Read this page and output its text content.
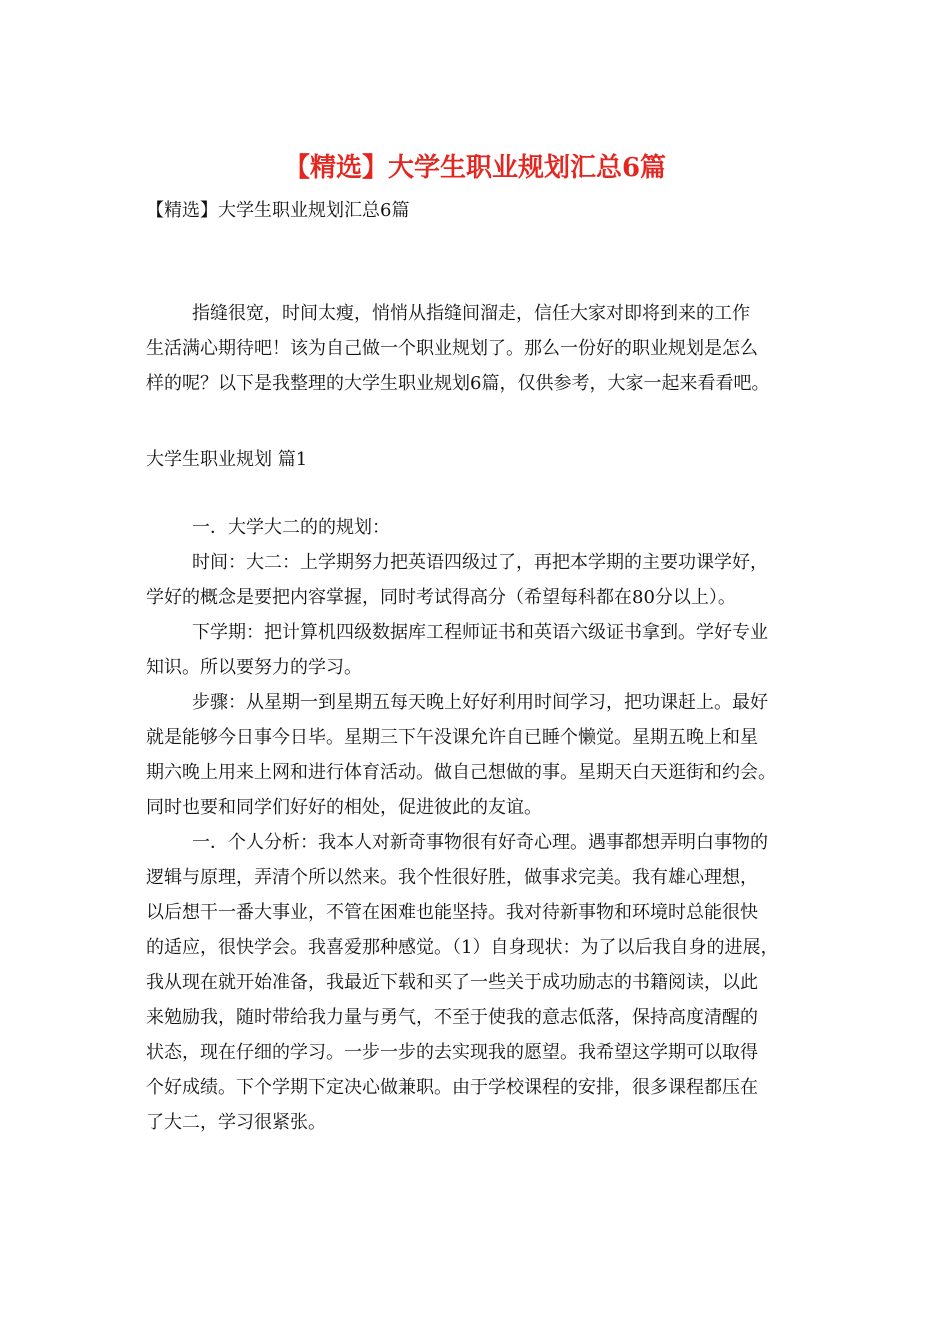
【精选】大学生职业规划汇总6篇

【精选】大学生职业规划汇总6篇

指缝很宽，时间太瘦，悄悄从指缝间溜走，信任大家对即将到来的工作
生活满心期待吧！该为自己做一个职业规划了。那么一份好的职业规划是怎么
样的呢？以下是我整理的大学生职业规划6篇，仅供参考，大家一起来看看吧。

大学生职业规划 篇1

一．大学大二的的规划：
时间：大二：上学期努力把英语四级过了，再把本学期的主要功课学好，
学好的概念是要把内容掌握，同时考试得高分（希望每科都在80分以上）。
下学期：把计算机四级数据库工程师证书和英语六级证书拿到。学好专业
知识。所以要努力的学习。
步骤：从星期一到星期五每天晚上好好利用时间学习，把功课赶上。最好
就是能够今日事今日毕。星期三下午没课允许自已睡个懒觉。星期五晚上和星
期六晚上用来上网和进行体育活动。做自己想做的事。星期天白天逛街和约会。
同时也要和同学们好好的相处，促进彼此的友谊。
一．个人分析：我本人对新奇事物很有好奇心理。遇事都想弄明白事物的
逻辑与原理，弄清个所以然来。我个性很好胜，做事求完美。我有雄心理想，
以后想干一番大事业，不管在困难也能坚持。我对待新事物和环境时总能很快
的适应，很快学会。我喜爱那种感觉。（1）自身现状：为了以后我自身的进展，
我从现在就开始准备，我最近下载和买了一些关于成功励志的书籍阅读，以此
来勉励我，随时带给我力量与勇气，不至于使我的意志低落，保持高度清醒的
状态，现在仔细的学习。一步一步的去实现我的愿望。我希望这学期可以取得
个好成绩。下个学期下定决心做兼职。由于学校课程的安排，很多课程都压在
了大二，学习很紧张。
